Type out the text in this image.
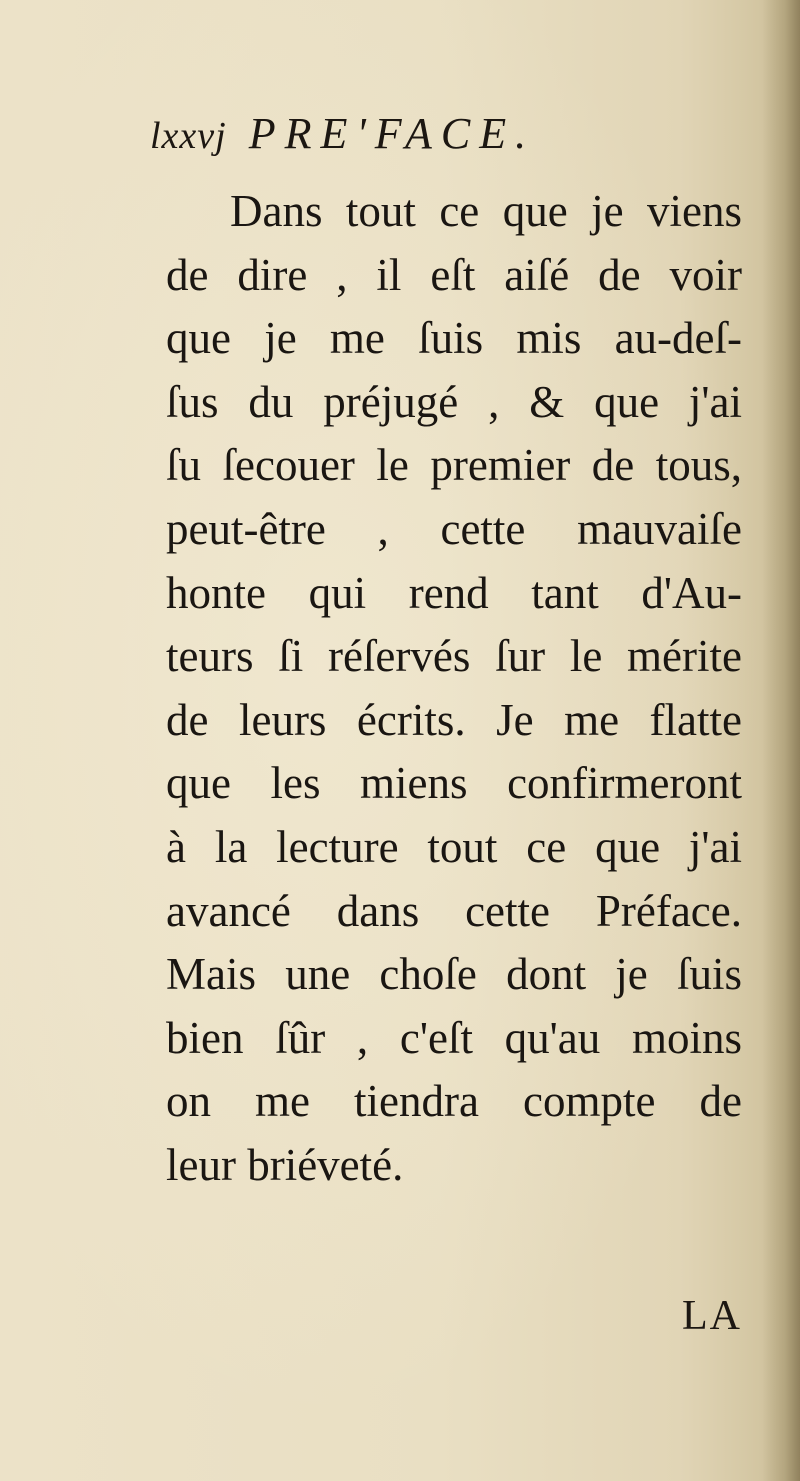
lxxvj PRE'FACE.
Dans tout ce que je viens
de dire , il eſt aiſé de voir
que je me ſuis mis au-deſ-
ſus du préjugé , & que j'ai
ſu ſecouer le premier de tous,
peut-être , cette mauvaiſe
honte qui rend tant d'Au-
teurs ſi réſervés ſur le mérite
de leurs écrits. Je me flatte
que les miens confirmeront
à la lecture tout ce que j'ai
avancé dans cette Préface.
Mais une choſe dont je ſuis
bien ſûr , c'eſt qu'au moins
on me tiendra compte de
leur briéveté.
LA
